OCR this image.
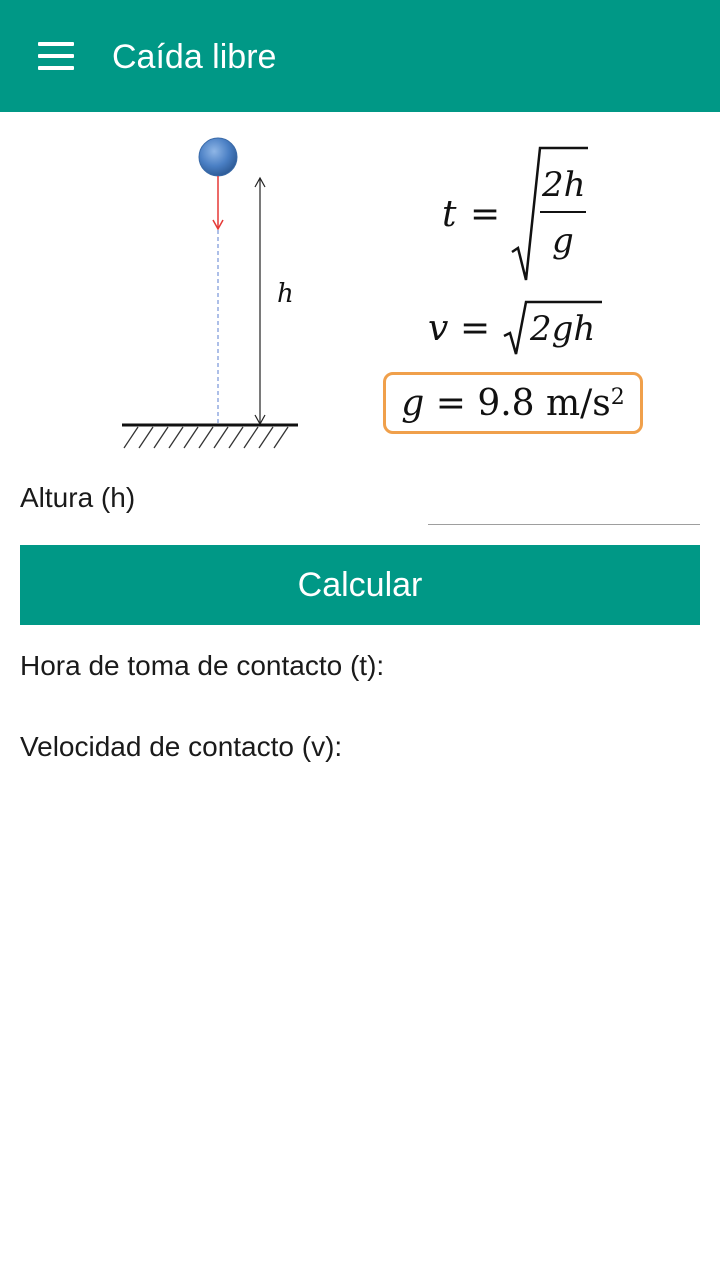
Caída libre
h
t =
2h
g
v = 2gh
g = 9.8
$m/s^2$
Altura (h)
Calcular
Hora de toma de contacto (t):
Velocidad de contacto (v):
